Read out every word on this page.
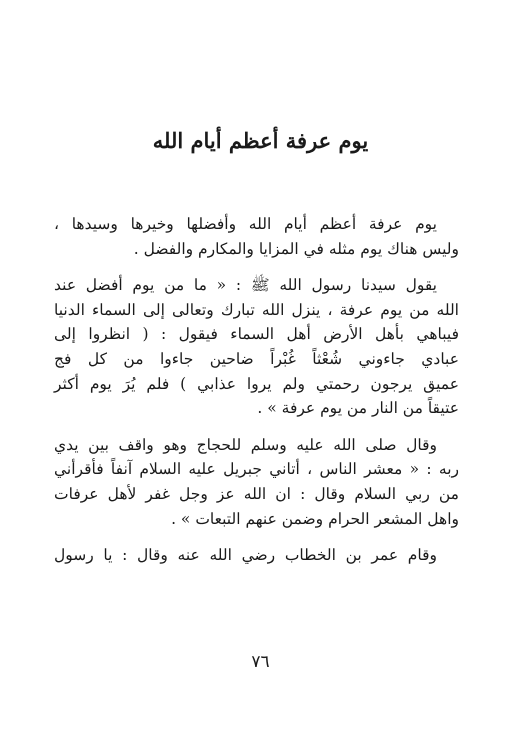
يوم عرفة أعظم أيام الله

يوم عرفة أعظم أيام الله وأفضلها وخيرها وسيدها ،
وليس هناك يوم مثله في المزايا والمكارم والفضل .

يقول سيدنا رسول الله ﷺ : « ما من يوم أفضل عند
الله من يوم عرفة ، ينزل الله تبارك وتعالى إلى السماء الدنيا
فيباهي بأهل الأرض أهل السماء فيقول : ( انظروا إلى
عبادي جاءوني شُعْثاً غُبْراً ضاحين جاءوا من كل فج
عميق يرجون رحمتي ولم يروا عذابي ) فلم يُرَ يوم أكثر
عتيقاً من النار من يوم عرفة » .

وقال صلى الله عليه وسلم للحجاج وهو واقف بين يدي
ربه : « معشر الناس ، أتاني جبريل عليه السلام آنفاً فأقرأني
من ربي السلام وقال : ان الله عز وجل غفر لأهل عرفات
واهل المشعر الحرام وضمن عنهم التبعات » .

وقام عمر بن الخطاب رضي الله عنه وقال : يا رسول

٧٦
